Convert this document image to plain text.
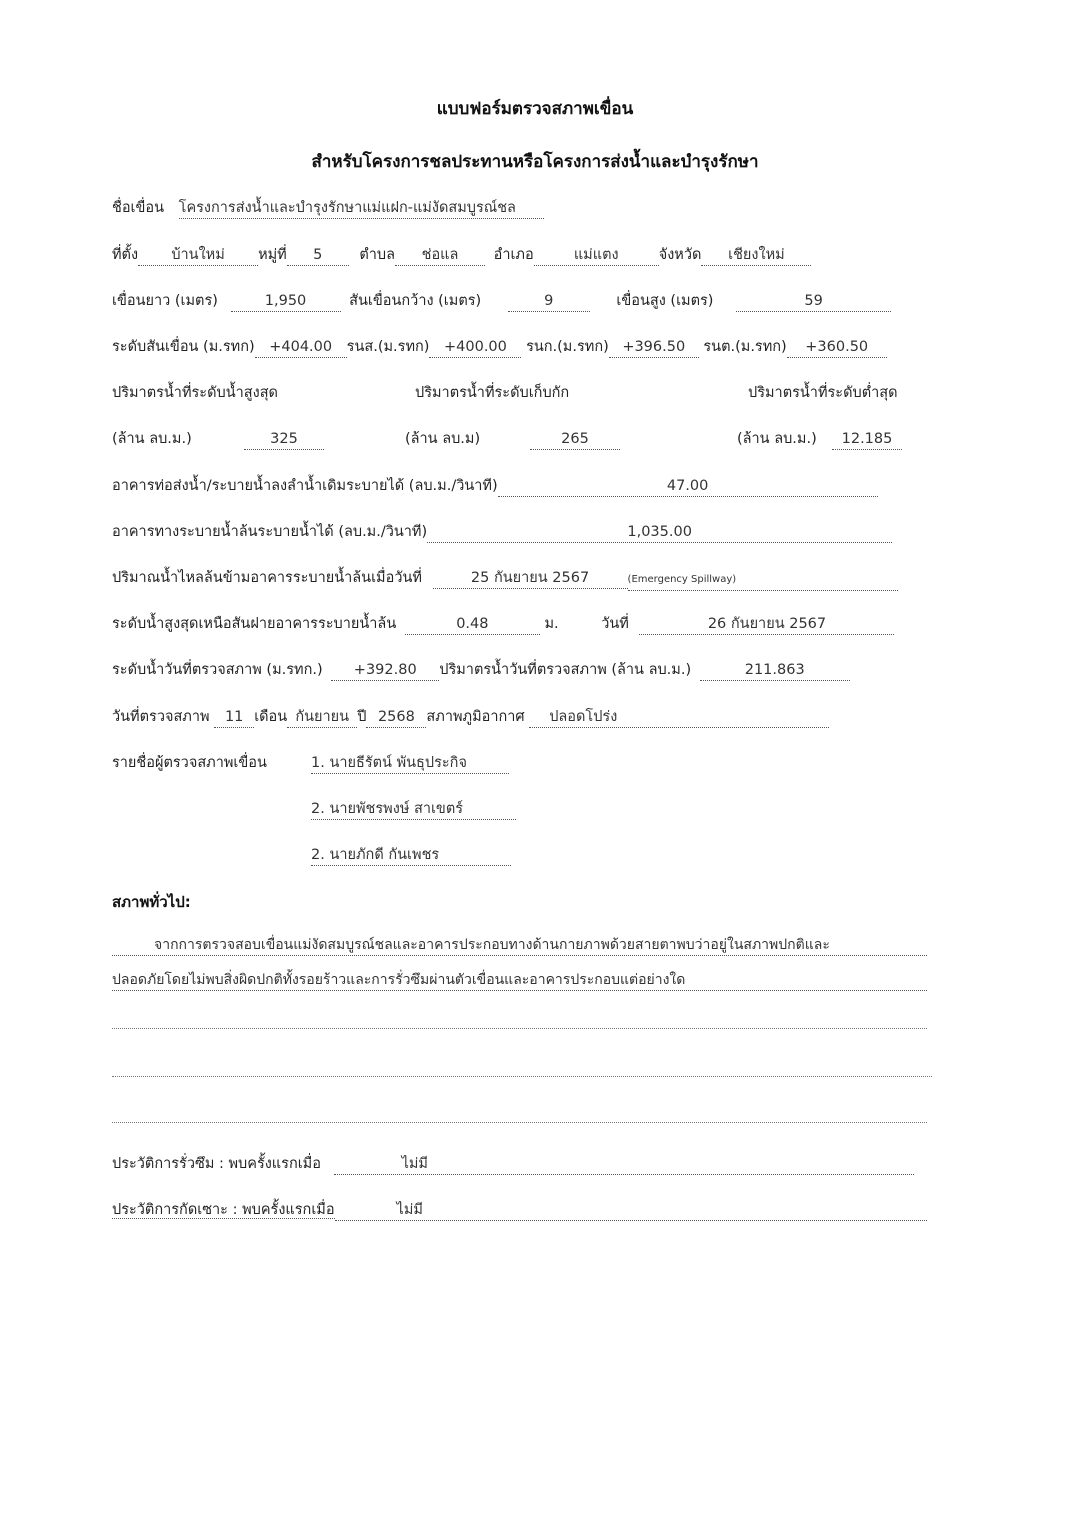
แบบฟอร์มตรวจสภาพเขื่อน
สำหรับโครงการชลประทานหรือโครงการส่งน้ำและบำรุงรักษา
ชื่อเขื่อน โครงการส่งน้ำและบำรุงรักษาแม่แฝก-แม่งัดสมบูรณ์ชล
ที่ตั้ง บ้านใหม่ หมู่ที่ 5	ตำบล ช่อแล อำเภอ	แม่แตง	จังหวัด เชียงใหม่
เขื่อนยาว (เมตร)	1,950	สันเขื่อนกว้าง (เมตร)	9	เขื่อนสูง (เมตร)	59
ระดับสันเขื่อน (ม.รทก) +404.00 รนส.(ม.รทก) +400.00 รนก.(ม.รทก) +396.50 รนต.(ม.รทก) +360.50
ปริมาตรน้ำที่ระดับน้ำสูงสุด	ปริมาตรน้ำที่ระดับเก็บกัก	ปริมาตรน้ำที่ระดับต่ำสุด
(ล้าน ลบ.ม.)	325	(ล้าน ลบ.ม)	265	(ล้าน ลบ.ม.)	12.185
อาคารท่อส่งน้ำ/ระบายน้ำลงลำน้ำเดิมระบายได้ (ลบ.ม./วินาที)	47.00
อาคารทางระบายน้ำล้นระบายน้ำได้ (ลบ.ม./วินาที)	1,035.00
ปริมาณน้ำไหลล้นข้ามอาคารระบายน้ำล้นเมื่อวันที่	25 กันยายน 2567	(Emergency Spillway)
ระดับน้ำสูงสุดเหนือสันฝายอาคารระบายน้ำล้น	0.48	ม.	วันที่	26 กันยายน 2567
ระดับน้ำวันที่ตรวจสภาพ (ม.รทก.) +392.80 ปริมาตรน้ำวันที่ตรวจสภาพ (ล้าน ลบ.ม.)	211.863
วันที่ตรวจสภาพ 11 เดือน กันยายน ปี 2568 สภาพภูมิอากาศ ปลอดโปร่ง
รายชื่อผู้ตรวจสภาพเขื่อน	1. นายธีรัตน์ พันธุประกิจ
2. นายพัชรพงษ์ สาเขตร์
2. นายภักดี กันเพชร
สภาพทั่วไป:
จากการตรวจสอบเขื่อนแม่งัดสมบูรณ์ชลและอาคารประกอบทางด้านกายภาพด้วยสายตาพบว่าอยู่ในสภาพปกติและ
ปลอดภัยโดยไม่พบสิ่งผิดปกติทั้งรอยร้าวและการรั่วซึมผ่านตัวเขื่อนและอาคารประกอบแต่อย่างใด
ประวัติการรั่วซึม : พบครั้งแรกเมื่อ	ไม่มี
ประวัติการกัดเซาะ : พบครั้งแรกเมื่อ	ไม่มี
